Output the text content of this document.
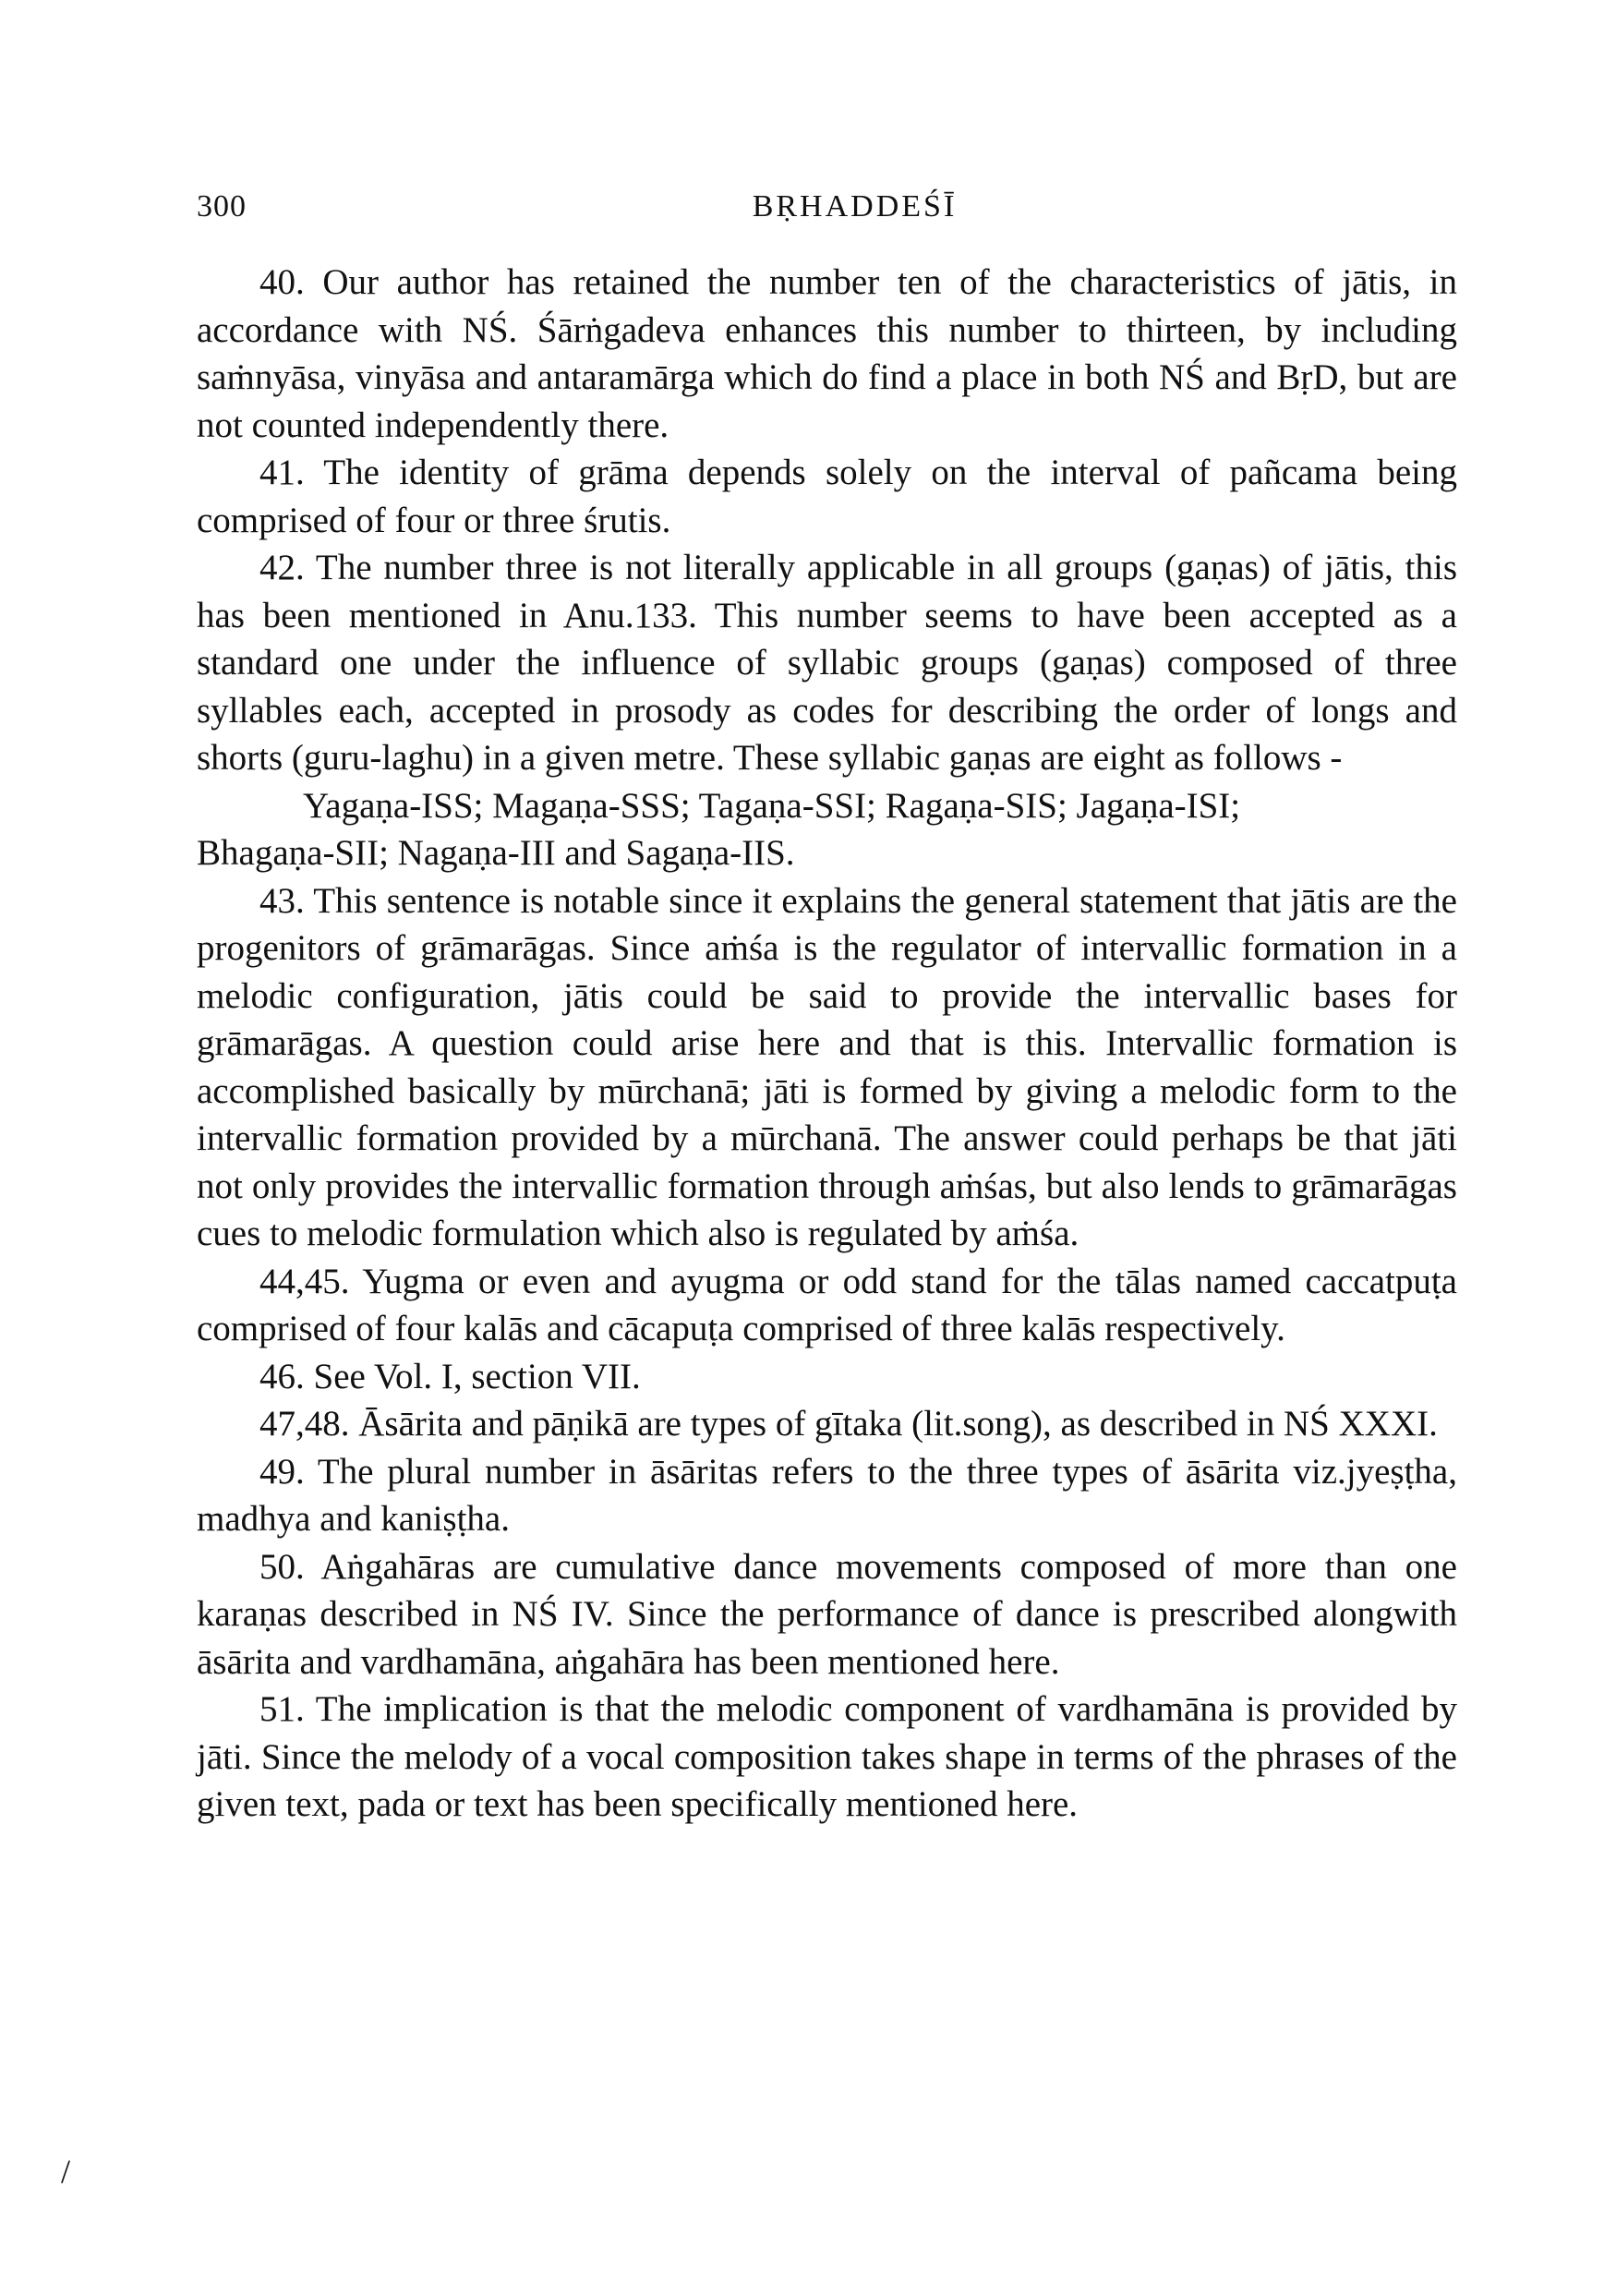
300	BṚHADDEŚĪ

40. Our author has retained the number ten of the characteristics of jātis, in accordance with NŚ. Śārṅgadeva enhances this number to thirteen, by including saṁnyāsa, vinyāsa and antaramārga which do find a place in both NŚ and BṛD, but are not counted independently there.

41. The identity of grāma depends solely on the interval of pañcama being comprised of four or three śrutis.

42. The number three is not literally applicable in all groups (gaṇas) of jātis, this has been mentioned in Anu.133. This number seems to have been accepted as a standard one under the influence of syllabic groups (gaṇas) composed of three syllables each, accepted in prosody as codes for describing the order of longs and shorts (guru-laghu) in a given metre. These syllabic gaṇas are eight as follows -

Yagaṇa-ISS; Magaṇa-SSS; Tagaṇa-SSI; Ragaṇa-SIS; Jagaṇa-ISI;

Bhagaṇa-SII; Nagaṇa-III and Sagaṇa-IIS.

43. This sentence is notable since it explains the general statement that jātis are the progenitors of grāmarāgas. Since aṁśa is the regulator of intervallic formation in a melodic configuration, jātis could be said to provide the intervallic bases for grāmarāgas. A question could arise here and that is this. Intervallic formation is accomplished basically by mūrchanā; jāti is formed by giving a melodic form to the intervallic formation provided by a mūrchanā. The answer could perhaps be that jāti not only provides the intervallic formation through aṁśas, but also lends to grāmarāgas cues to melodic formulation which also is regulated by aṁśa.

44,45. Yugma or even and ayugma or odd stand for the tālas named caccatpuṭa comprised of four kalās and cācapuṭa comprised of three kalās respectively.

46. See Vol. I, section VII.

47,48. Āsārita and pāṇikā are types of gītaka (lit.song), as described in NŚ XXXI.

49. The plural number in āsāritas refers to the three types of āsārita viz.jyeṣṭha, madhya and kaniṣṭha.

50. Aṅgahāras are cumulative dance movements composed of more than one karaṇas described in NŚ IV. Since the performance of dance is prescribed alongwith āsārita and vardhamāna, aṅgahāra has been mentioned here.

51. The implication is that the melodic component of vardhamāna is provided by jāti. Since the melody of a vocal composition takes shape in terms of the phrases of the given text, pada or text has been specifically mentioned here.

/
